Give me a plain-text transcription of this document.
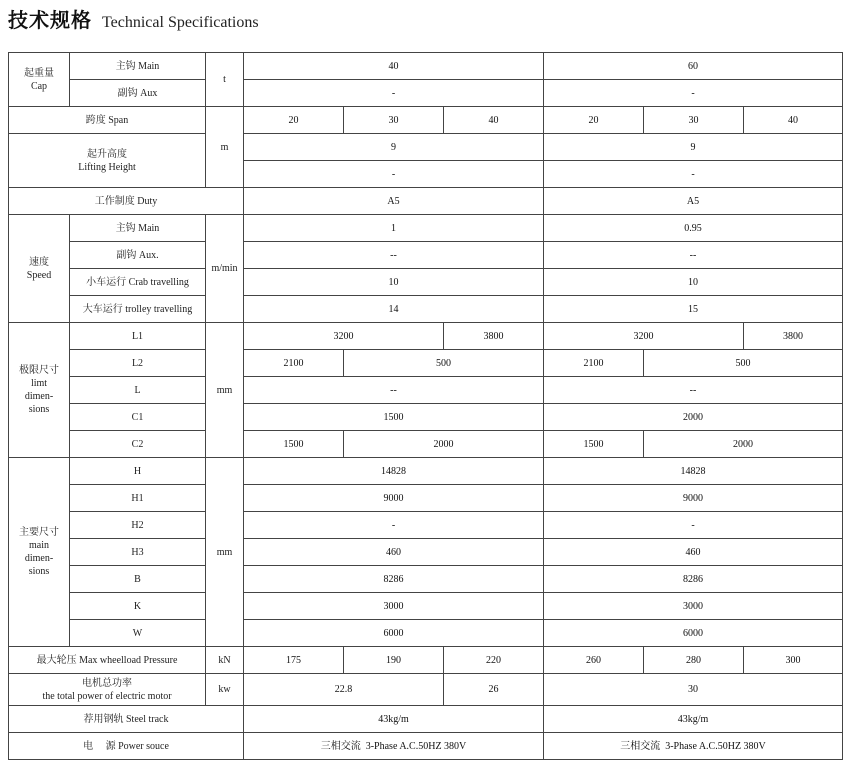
技术规格 Technical Specifications
起重量
Cap	主钩 Main	t	40			60		
	副钩 Aux		-			-		
跨度 Span		m	20	30	40	20	30	40
起升高度
Lifting Height			9			9		
			-			-		
工作制度 Duty			A5			A5		
速度
Speed	主钩 Main	m/min	1			0.95		
	副钩 Aux.		--			--		
	小车运行 Crab travelling		10			10		
	大车运行 trolley travelling		14			15		
极限尺寸
limt
dimen-
sions	L1	mm	3200		3800	3200		3800
	L2		2100	500		2100	500	
	L		--			--		
	C1		1500			2000		
	C2		1500	2000		1500	2000	
主要尺寸
main
dimen-
sions	H	mm	14828			14828		
	H1		9000			9000		
	H2		-			-		
	H3		460			460		
	B		8286			8286		
	K		3000			3000		
	W		6000			6000		
最大轮压 Max wheelload Pressure		kN	175	190	220	260	280	300
电机总功率
the total power of electric motor		kw	22.8		26	30		
荐用钢轨 Steel track			43kg/m			43kg/m		
电     源 Power souce			三相交流  3-Phase A.C.50HZ 380V			三相交流  3-Phase A.C.50HZ 380V		
